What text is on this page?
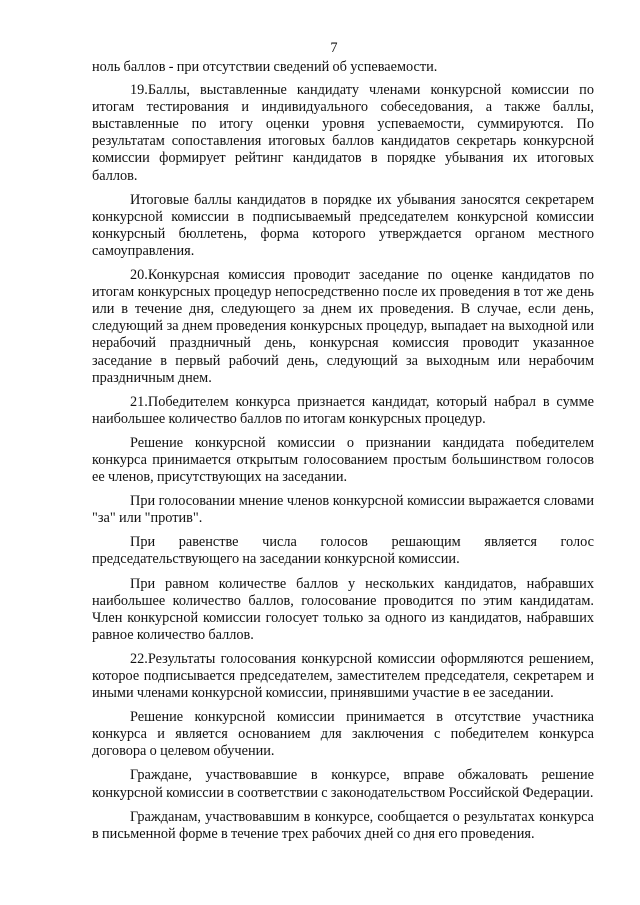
7

ноль баллов - при отсутствии сведений об успеваемости.

19.Баллы, выставленные кандидату членами конкурсной комиссии по итогам тестирования и индивидуального собеседования, а также баллы, выставленные по итогу оценки уровня успеваемости, суммируются. По результатам сопоставления итоговых баллов кандидатов секретарь конкурсной комиссии формирует рейтинг кандидатов в порядке убывания их итоговых баллов.

Итоговые баллы кандидатов в порядке их убывания заносятся секретарем конкурсной комиссии в подписываемый председателем конкурсной комиссии конкурсный бюллетень, форма которого утверждается органом местного самоуправления.

20.Конкурсная комиссия проводит заседание по оценке кандидатов по итогам конкурсных процедур непосредственно после их проведения в тот же день или в течение дня, следующего за днем их проведения. В случае, если день, следующий за днем проведения конкурсных процедур, выпадает на выходной или нерабочий праздничный день, конкурсная комиссия проводит указанное заседание в первый рабочий день, следующий за выходным или нерабочим праздничным днем.

21.Победителем конкурса признается кандидат, который набрал в сумме наибольшее количество баллов по итогам конкурсных процедур.

Решение конкурсной комиссии о признании кандидата победителем конкурса принимается открытым голосованием простым большинством голосов ее членов, присутствующих на заседании.

При голосовании мнение членов конкурсной комиссии выражается словами "за" или "против".

При равенстве числа голосов решающим является голос председательствующего на заседании конкурсной комиссии.

При равном количестве баллов у нескольких кандидатов, набравших наибольшее количество баллов, голосование проводится по этим кандидатам. Член конкурсной комиссии голосует только за одного из кандидатов, набравших равное количество баллов.

22.Результаты голосования конкурсной комиссии оформляются решением, которое подписывается председателем, заместителем председателя, секретарем и иными членами конкурсной комиссии, принявшими участие в ее заседании.

Решение конкурсной комиссии принимается в отсутствие участника конкурса и является основанием для заключения с победителем конкурса договора о целевом обучении.

Граждане, участвовавшие в конкурсе, вправе обжаловать решение конкурсной комиссии в соответствии с законодательством Российской Федерации.

Гражданам, участвовавшим в конкурсе, сообщается о результатах конкурса в письменной форме в течение трех рабочих дней со дня его проведения.
